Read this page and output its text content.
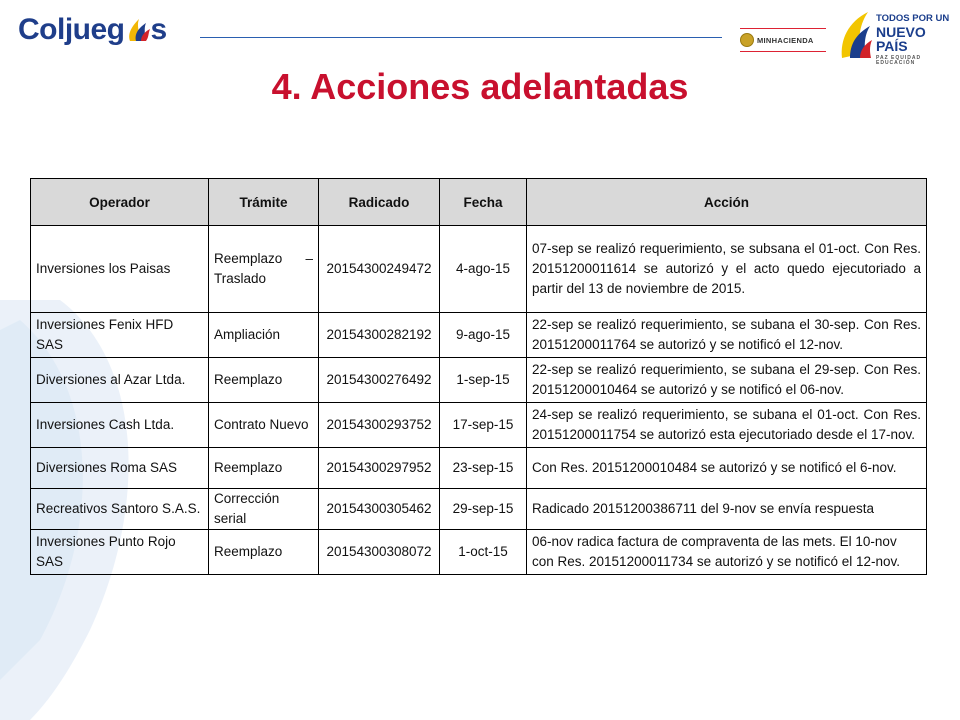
Coljueg s	MINHACIENDA
TODOS POR UN
NUEVO PAÍS
PAZ EQUIDAD EDUCACIÓN
4. Acciones adelantadas
Operador	Trámite	Radicado	Fecha	Acción
Inversiones los Paisas	Reemplazo – Traslado	20154300249472	4-ago-15	07-sep se realizó requerimiento, se subsana el 01-oct. Con Res. 20151200011614 se autorizó y el acto quedo ejecutoriado a partir del 13 de noviembre de 2015.
Inversiones Fenix HFD SAS	Ampliación	20154300282192	9-ago-15	22-sep se realizó requerimiento, se subana el 30-sep. Con Res. 20151200011764 se autorizó y se notificó el 12-nov.
Diversiones al Azar Ltda.	Reemplazo	20154300276492	1-sep-15	22-sep se realizó requerimiento, se subana el 29-sep. Con Res. 20151200010464 se autorizó y se notificó el 06-nov.
Inversiones Cash Ltda.	Contrato Nuevo	20154300293752	17-sep-15	24-sep se realizó requerimiento, se subana el 01-oct. Con Res. 20151200011754 se autorizó esta ejecutoriado desde el 17-nov.
Diversiones Roma SAS	Reemplazo	20154300297952	23-sep-15	Con Res. 20151200010484 se autorizó y se notificó el 6-nov.
Recreativos Santoro S.A.S.	Corrección serial	20154300305462	29-sep-15	Radicado 20151200386711 del 9-nov se envía respuesta
Inversiones Punto Rojo SAS	Reemplazo	20154300308072	1-oct-15	06-nov radica factura de compraventa de las mets. El 10-nov con Res. 20151200011734 se autorizó y se notificó el 12-nov.
